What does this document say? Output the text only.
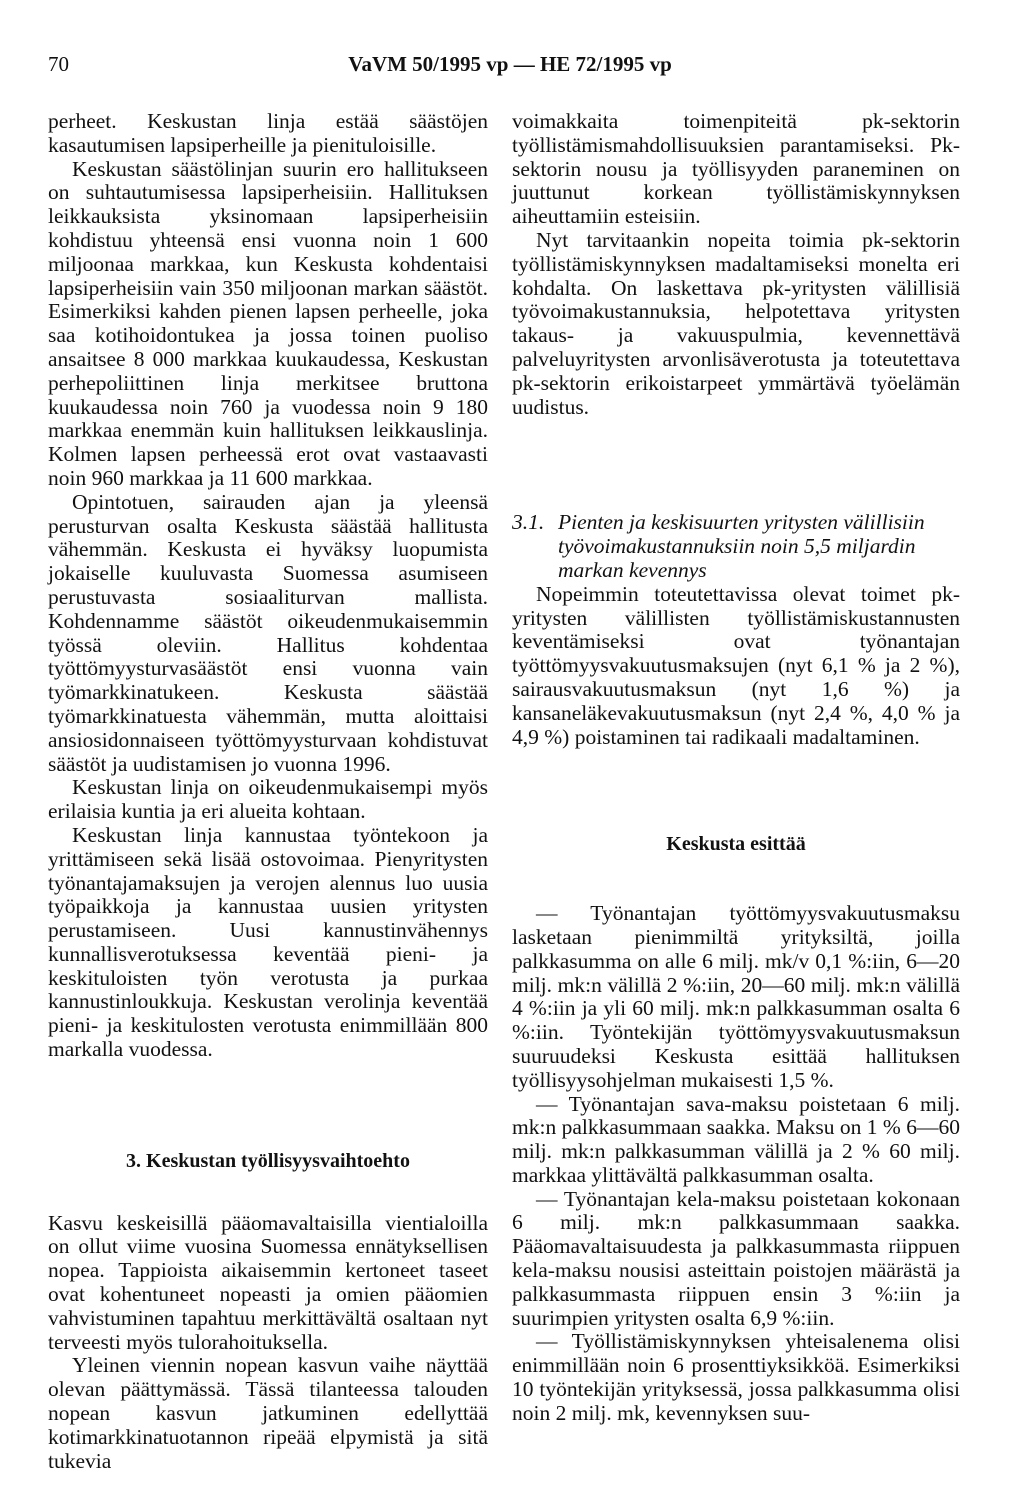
70	VaVM 50/1995 vp — HE 72/1995 vp

perheet. Keskustan linja estää säästöjen kasautumisen lapsiperheille ja pienituloisille.

Keskustan säästölinjan suurin ero hallitukseen on suhtautumisessa lapsiperheisiin. Hallituksen leikkauksista yksinomaan lapsiperheisiin kohdistuu yhteensä ensi vuonna noin 1 600 miljoonaa markkaa, kun Keskusta kohdentaisi lapsiperheisiin vain 350 miljoonan markan säästöt. Esimerkiksi kahden pienen lapsen perheelle, joka saa kotihoidontukea ja jossa toinen puoliso ansaitsee 8 000 markkaa kuukaudessa, Keskustan perhepoliittinen linja merkitsee bruttona kuukaudessa noin 760 ja vuodessa noin 9 180 markkaa enemmän kuin hallituksen leikkauslinja. Kolmen lapsen perheessä erot ovat vastaavasti noin 960 markkaa ja 11 600 markkaa.

Opintotuen, sairauden ajan ja yleensä perusturvan osalta Keskusta säästää hallitusta vähemmän. Keskusta ei hyväksy luopumista jokaiselle kuuluvasta Suomessa asumiseen perustuvasta sosiaaliturvan mallista. Kohdennamme säästöt oikeudenmukaisemmin työssä oleviin. Hallitus kohdentaa työttömyysturvasäästöt ensi vuonna vain työmarkkinatukeen. Keskusta säästää työmarkkinatuesta vähemmän, mutta aloittaisi ansiosidonnaiseen työttömyysturvaan kohdistuvat säästöt ja uudistamisen jo vuonna 1996.

Keskustan linja on oikeudenmukaisempi myös erilaisia kuntia ja eri alueita kohtaan.

Keskustan linja kannustaa työntekoon ja yrittämiseen sekä lisää ostovoimaa. Pienyritysten työnantajamaksujen ja verojen alennus luo uusia työpaikkoja ja kannustaa uusien yritysten perustamiseen. Uusi kannustinvähennys kunnallisverotuksessa keventää pieni- ja keskituloisten työn verotusta ja purkaa kannustinloukkuja. Keskustan verolinja keventää pieni- ja keskitulosten verotusta enimmillään 800 markalla vuodessa.

3. Keskustan työllisyysvaihtoehto

Kasvu keskeisillä pääomavaltaisilla vientialoilla on ollut viime vuosina Suomessa ennätyksellisen nopea. Tappioista aikaisemmin kertoneet taseet ovat kohentuneet nopeasti ja omien pääomien vahvistuminen tapahtuu merkittävältä osaltaan nyt terveesti myös tulorahoituksella.

Yleinen viennin nopean kasvun vaihe näyttää olevan päättymässä. Tässä tilanteessa talouden nopean kasvun jatkuminen edellyttää kotimarkkinatuotannon ripeää elpymistä ja sitä tukevia

voimakkaita toimenpiteitä pk-sektorin työllistämismahdollisuuksien parantamiseksi. Pk-sektorin nousu ja työllisyyden paraneminen on juuttunut korkean työllistämiskynnyksen aiheuttamiin esteisiin.

Nyt tarvitaankin nopeita toimia pk-sektorin työllistämiskynnyksen madaltamiseksi monelta eri kohdalta. On laskettava pk-yritysten välillisiä työvoimakustannuksia, helpotettava yritysten takaus- ja vakuuspulmia, kevennettävä palveluyritysten arvonlisäverotusta ja toteutettava pk-sektorin erikoistarpeet ymmärtävä työelämän uudistus.

3.1. Pienten ja keskisuurten yritysten välillisiin työvoimakustannuksiin noin 5,5 miljardin markan kevennys

Nopeimmin toteutettavissa olevat toimet pk-yritysten välillisten työllistämiskustannusten keventämiseksi ovat työnantajan työttömyysvakuutusmaksujen (nyt 6,1 % ja 2 %), sairausvakuutusmaksun (nyt 1,6 %) ja kansaneläkevakuutusmaksun (nyt 2,4 %, 4,0 % ja 4,9 %) poistaminen tai radikaali madaltaminen.

Keskusta esittää

— Työnantajan työttömyysvakuutusmaksu lasketaan pienimmiltä yrityksiltä, joilla palkkasumma on alle 6 milj. mk/v 0,1 %:iin, 6—20 milj. mk:n välillä 2 %:iin, 20—60 milj. mk:n välillä 4 %:iin ja yli 60 milj. mk:n palkkasumman osalta 6 %:iin. Työntekijän työttömyysvakuutusmaksun suuruudeksi Keskusta esittää hallituksen työllisyysohjelman mukaisesti 1,5 %.

— Työnantajan sava-maksu poistetaan 6 milj. mk:n palkkasummaan saakka. Maksu on 1 % 6—60 milj. mk:n palkkasumman välillä ja 2 % 60 milj. markkaa ylittävältä palkkasumman osalta.

— Työnantajan kela-maksu poistetaan kokonaan 6 milj. mk:n palkkasummaan saakka. Pääomavaltaisuudesta ja palkkasummasta riippuen kela-maksu nousisi asteittain poistojen määrästä ja palkkasummasta riippuen ensin 3 %:iin ja suurimpien yritysten osalta 6,9 %:iin.

— Työllistämiskynnyksen yhteisalenema olisi enimmillään noin 6 prosenttiyksikköä. Esimerkiksi 10 työntekijän yrityksessä, jossa palkkasumma olisi noin 2 milj. mk, kevennyksen suu-
